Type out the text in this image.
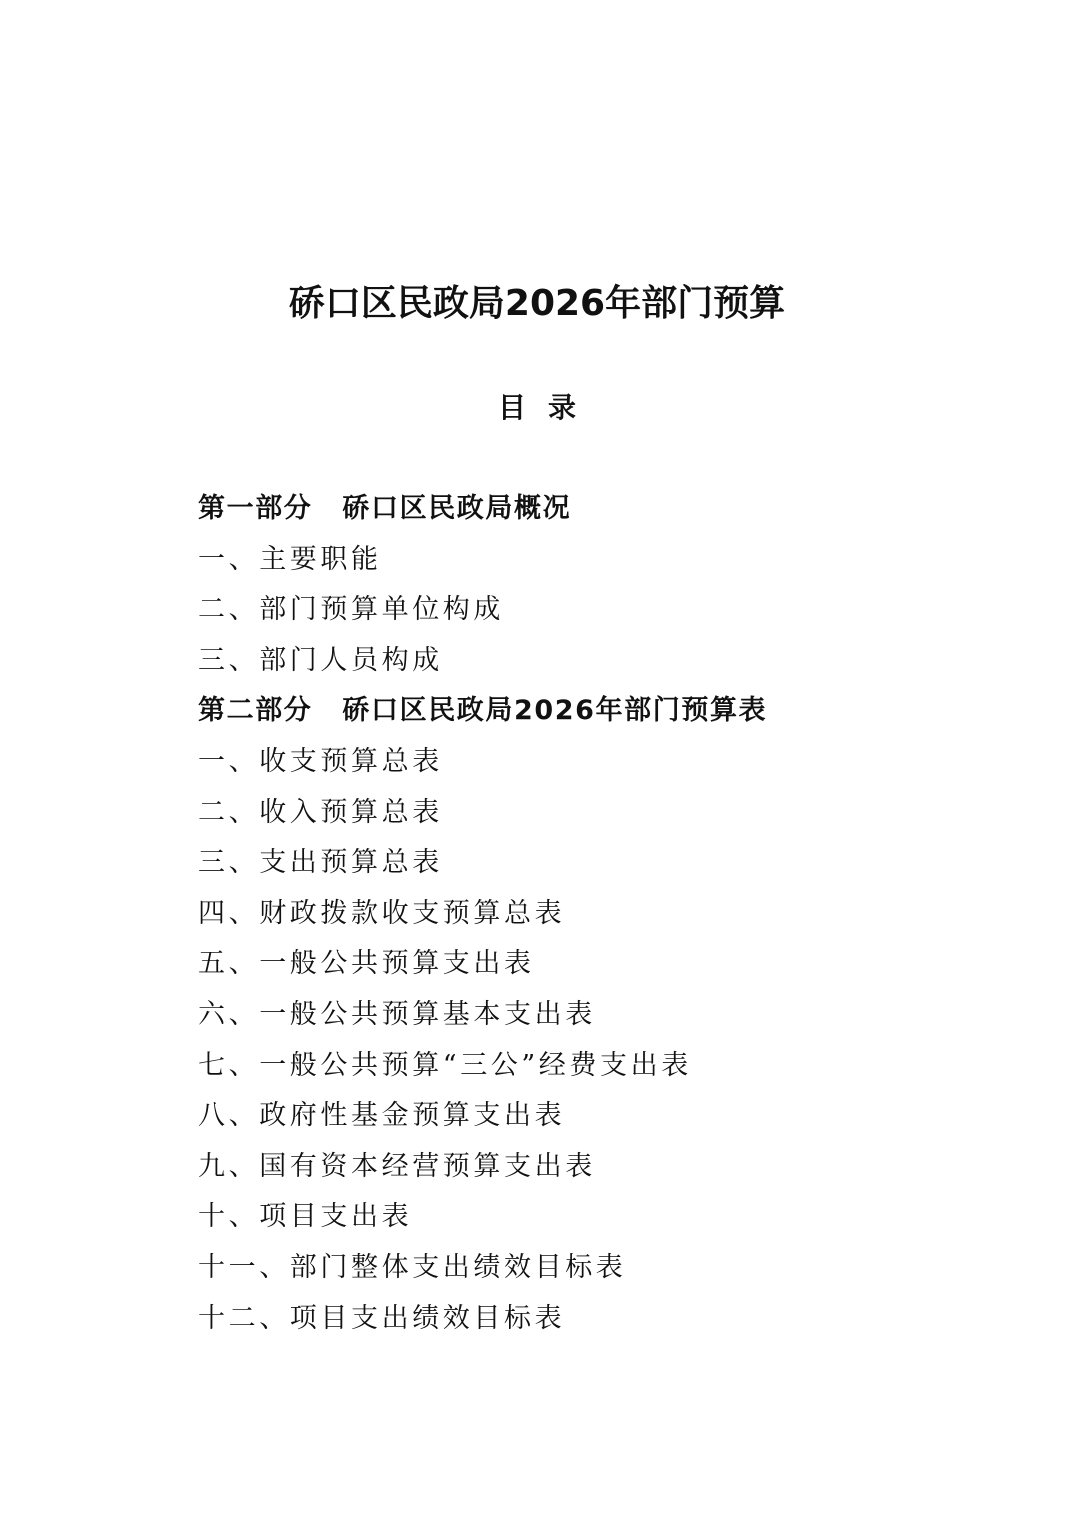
硚口区民政局2026年部门预算
目录
第一部分 硚口区民政局概况
一、主要职能
二、部门预算单位构成
三、部门人员构成
第二部分 硚口区民政局2026年部门预算表
一、收支预算总表
二、收入预算总表
三、支出预算总表
四、财政拨款收支预算总表
五、一般公共预算支出表
六、一般公共预算基本支出表
七、一般公共预算“三公”经费支出表
八、政府性基金预算支出表
九、国有资本经营预算支出表
十、项目支出表
十一、部门整体支出绩效目标表
十二、项目支出绩效目标表
